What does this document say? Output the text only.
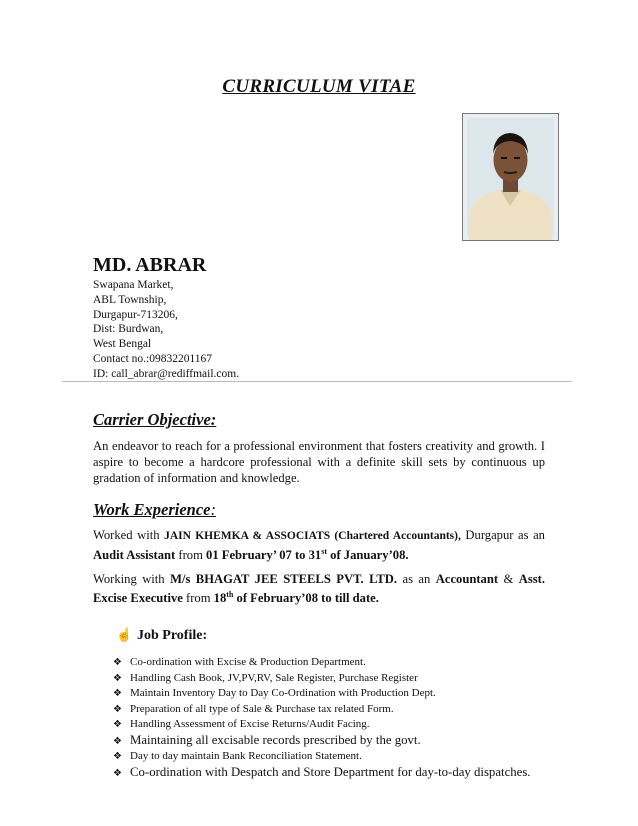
CURRICULUM VITAE
MD. ABRAR
Swapana Market,
ABL Township,
Durgapur-713206,
Dist: Burdwan,
West Bengal
Contact no.:09832201167
ID: call_abrar@rediffmail.com.
Carrier Objective:

An endeavor to reach for a professional environment that fosters creativity and growth. I aspire to become a hardcore professional with a definite skill sets by continuous up gradation of information and knowledge.

Work Experience:

Worked with JAIN KHEMKA & ASSOCIATS (Chartered Accountants), Durgapur as an Audit Assistant from 01 February’ 07 to 31st of January’08.

Working with M/s BHAGAT JEE STEELS PVT. LTD. as an Accountant & Asst. Excise Executive from 18th of February’08 to till date.

☝ Job Profile:
❖ Co-ordination with Excise & Production Department.
❖ Handling Cash Book, JV,PV,RV, Sale Register, Purchase Register
❖ Maintain Inventory Day to Day Co-Ordination with Production Dept.
❖ Preparation of all type of Sale & Purchase tax related Form.
❖ Handling Assessment of Excise Returns/Audit Facing.
❖ Maintaining all excisable records prescribed by the govt.
❖ Day to day maintain Bank Reconciliation Statement.
❖ Co-ordination with Despatch and Store Department for day-to-day dispatches.
